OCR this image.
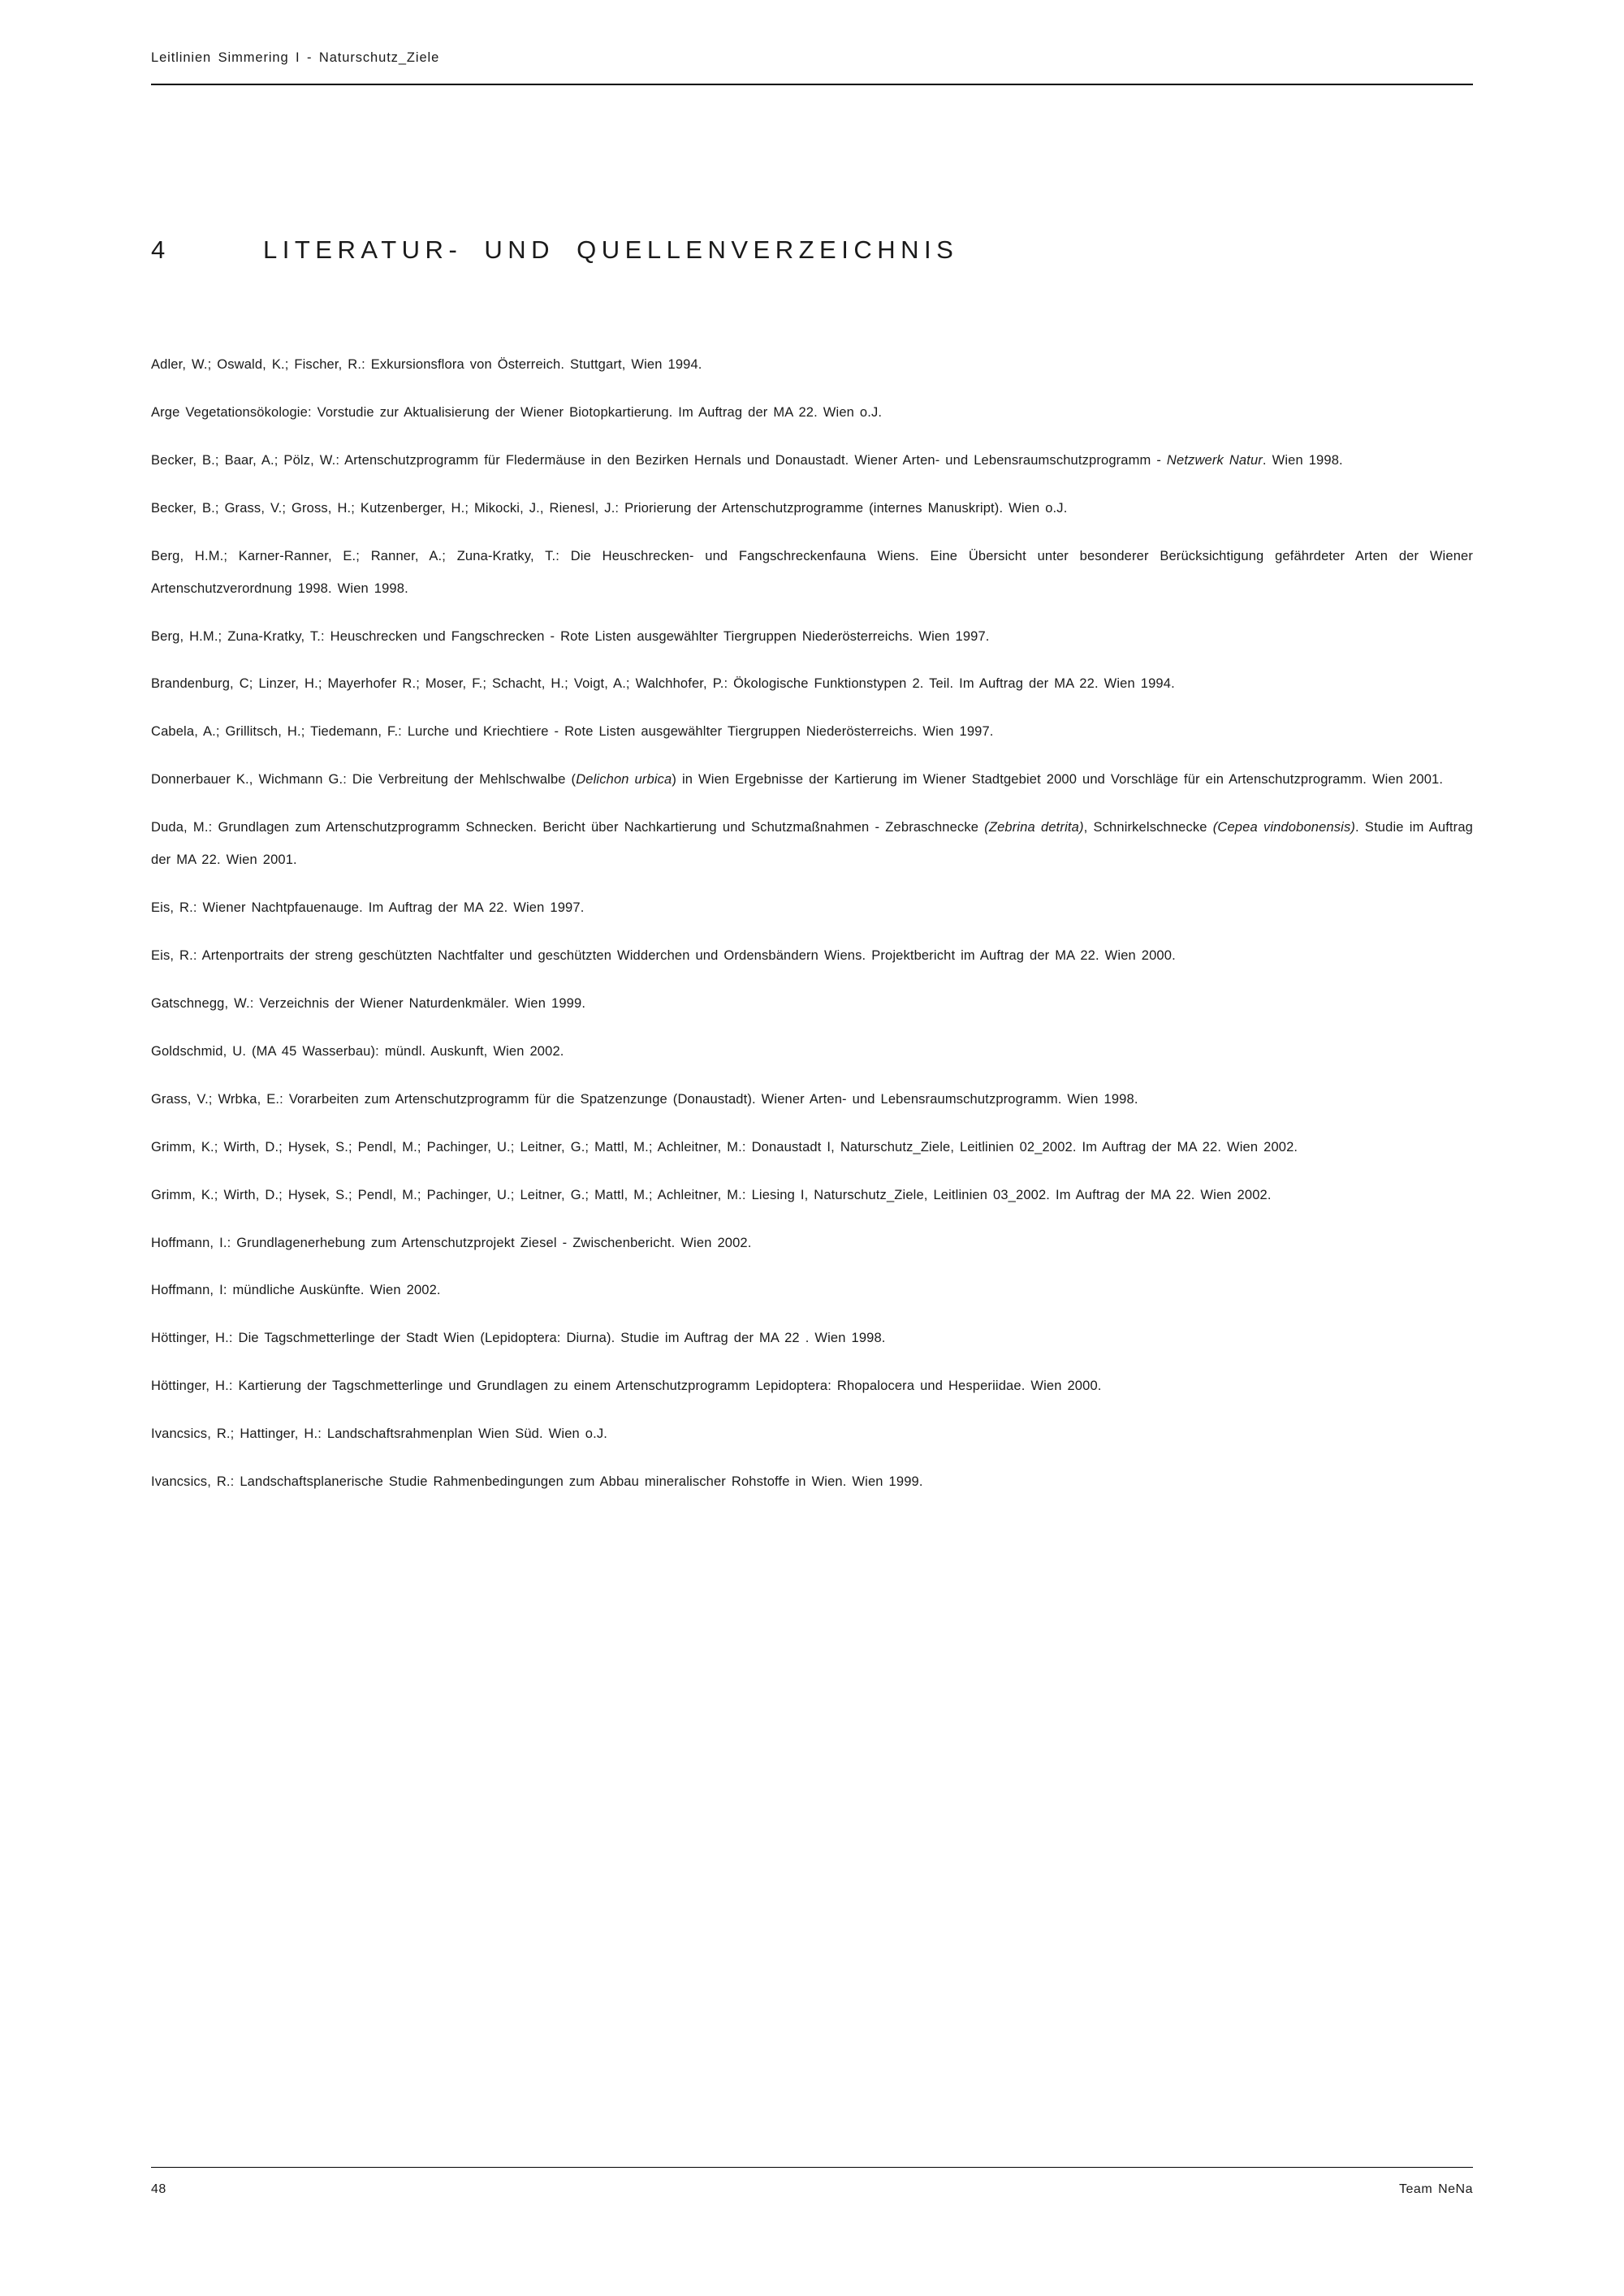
Leitlinien Simmering I - Naturschutz_Ziele
4	LITERATUR- UND QUELLENVERZEICHNIS
Adler, W.; Oswald, K.; Fischer, R.: Exkursionsflora von Österreich. Stuttgart, Wien 1994.
Arge Vegetationsökologie: Vorstudie zur Aktualisierung der Wiener Biotopkartierung. Im Auftrag der MA 22. Wien o.J.
Becker, B.; Baar, A.; Pölz, W.: Artenschutzprogramm für Fledermäuse in den Bezirken Hernals und Donaustadt. Wiener Arten- und Lebensraumschutzprogramm - Netzwerk Natur. Wien 1998.
Becker, B.; Grass, V.; Gross, H.; Kutzenberger, H.; Mikocki, J., Rienesl, J.: Priorierung der Artenschutzprogramme (internes Manuskript). Wien o.J.
Berg, H.M.; Karner-Ranner, E.; Ranner, A.; Zuna-Kratky, T.: Die Heuschrecken- und Fangschreckenfauna Wiens. Eine Übersicht unter besonderer Berücksichtigung gefährdeter Arten der Wiener Artenschutzverordnung 1998. Wien 1998.
Berg, H.M.; Zuna-Kratky, T.: Heuschrecken und Fangschrecken - Rote Listen ausgewählter Tiergruppen Niederösterreichs. Wien 1997.
Brandenburg, C; Linzer, H.; Mayerhofer R.; Moser, F.; Schacht, H.; Voigt, A.; Walchhofer, P.: Ökologische Funktionstypen 2. Teil. Im Auftrag der MA 22. Wien 1994.
Cabela, A.; Grillitsch, H.; Tiedemann, F.: Lurche und Kriechtiere - Rote Listen ausgewählter Tiergruppen Niederösterreichs. Wien 1997.
Donnerbauer K., Wichmann G.: Die Verbreitung der Mehlschwalbe (Delichon urbica) in Wien Ergebnisse der Kartierung im Wiener Stadtgebiet 2000 und Vorschläge für ein Artenschutzprogramm. Wien 2001.
Duda, M.: Grundlagen zum Artenschutzprogramm Schnecken. Bericht über Nachkartierung und Schutzmaßnahmen - Zebraschnecke (Zebrina detrita), Schnirkelschnecke (Cepea vindobonensis). Studie im Auftrag der MA 22. Wien 2001.
Eis, R.: Wiener Nachtpfauenauge. Im Auftrag der MA 22. Wien 1997.
Eis, R.: Artenportraits der streng geschützten Nachtfalter und geschützten Widderchen und Ordensbändern Wiens. Projektbericht im Auftrag der MA 22. Wien 2000.
Gatschnegg, W.: Verzeichnis der Wiener Naturdenkmäler. Wien 1999.
Goldschmid, U. (MA 45 Wasserbau): mündl. Auskunft, Wien 2002.
Grass, V.; Wrbka, E.: Vorarbeiten zum Artenschutzprogramm für die Spatzenzunge (Donaustadt). Wiener Arten- und Lebensraumschutzprogramm. Wien 1998.
Grimm, K.; Wirth, D.; Hysek, S.; Pendl, M.; Pachinger, U.; Leitner, G.; Mattl, M.; Achleitner, M.: Donaustadt I, Naturschutz_Ziele, Leitlinien 02_2002. Im Auftrag der MA 22. Wien 2002.
Grimm, K.; Wirth, D.; Hysek, S.; Pendl, M.; Pachinger, U.; Leitner, G.; Mattl, M.; Achleitner, M.: Liesing I, Naturschutz_Ziele, Leitlinien 03_2002. Im Auftrag der MA 22. Wien 2002.
Hoffmann, I.: Grundlagenerhebung zum Artenschutzprojekt Ziesel - Zwischenbericht. Wien 2002.
Hoffmann, I: mündliche Auskünfte. Wien 2002.
Höttinger, H.: Die Tagschmetterlinge der Stadt Wien (Lepidoptera: Diurna). Studie im Auftrag der MA 22 . Wien 1998.
Höttinger, H.: Kartierung der Tagschmetterlinge und Grundlagen zu einem Artenschutzprogramm Lepidoptera: Rhopalocera und Hesperiidae. Wien 2000.
Ivancsics, R.; Hattinger, H.: Landschaftsrahmenplan Wien Süd. Wien o.J.
Ivancsics, R.: Landschaftsplanerische Studie Rahmenbedingungen zum Abbau mineralischer Rohstoffe in Wien. Wien 1999.
48	Team NeNa
